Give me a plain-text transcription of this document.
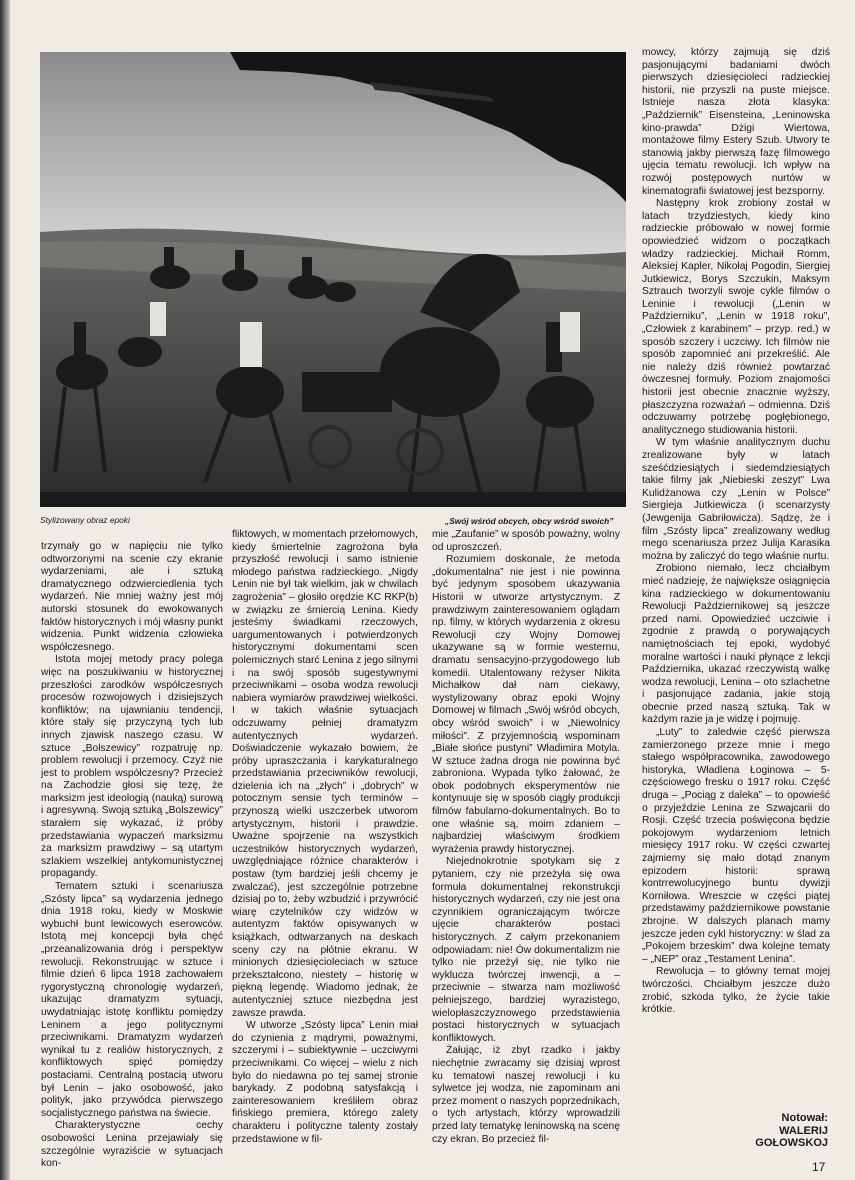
Stylizowany obraz epoki	„Swój wśród obcych, obcy wśród swoich”

trzymały go w napięciu nie tylko odtworzonymi na scenie czy ekranie wydarzeniami, ale i sztuką dramatycznego odzwierciedlenia tych wydarzeń. Nie mniej ważny jest mój autorski stosunek do ewokowanych faktów historycznych i mój własny punkt widzenia. Punkt widzenia człowieka współczesnego.

Istota mojej metody pracy polega więc na poszukiwaniu w historycznej przeszłości zarodków współczesnych procesów rozwojowych i dzisiejszych konfliktów; na ujawnianiu tendencji, które stały się przyczyną tych lub innych zjawisk naszego czasu. W sztuce „Bolszewicy” rozpatruję np. problem rewolucji i przemocy. Czyż nie jest to problem współczesny? Przecież na Zachodzie głosi się tezę, że marksizm jest ideologią (nauką) surową i agresywną. Swoją sztuką „Bolszewicy” starałem się wykazać, iż próby przedstawiania wypaczeń marksizmu za marksizm prawdziwy – są utartym szlakiem wszelkiej antykomunistycznej propagandy.

Tematem sztuki i scenariusza „Szósty lipca” są wydarzenia jednego dnia 1918 roku, kiedy w Moskwie wybuchł bunt lewicowych eserowców. Istotą mej koncepcji była chęć „przeanalizowania dróg i perspektyw rewolucji. Rekonstruując w sztuce i filmie dzień 6 lipca 1918 zachowałem rygorystyczną chronologię wydarzeń, ukazując dramatyzm sytuacji, uwydatniając istotę konfliktu pomiędzy Leninem a jego politycznymi przeciwnikami. Dramatyzm wydarzeń wynikał tu z realiów historycznych, z konfliktowych spięć pomiędzy postaciami. Centralną postacią utworu był Lenin – jako osobowość, jako polityk, jako przywódca pierwszego socjalistycznego państwa na świecie.

Charakterystyczne cechy osobowości Lenina przejawiały się szczególnie wyraziście w sytuacjach kon-

fliktowych, w momentach przełomowych, kiedy śmiertelnie zagrożona była przyszłość rewolucji i samo istnienie młodego państwa radzieckiego. „Nigdy Lenin nie był tak wielkim, jak w chwilach zagrożenia” – głosiło orędzie KC RKP(b) w związku ze śmiercią Lenina. Kiedy jesteśmy świadkami rzeczowych, uargumentowanych i potwierdzonych historycznymi dokumentami scen polemicznych starć Lenina z jego silnymi i na swój sposób sugestywnymi przeciwnikami – osoba wodza rewolucji nabiera wymiarów prawdziwej wielkości. I w takich właśnie sytuacjach odczuwamy pełniej dramatyzm autentycznych wydarzeń. Doświadczenie wykazało bowiem, że próby upraszczania i karykaturalnego przedstawiania przeciwników rewolucji, dzielenia ich na „złych” i „dobrych” w potocznym sensie tych terminów – przynoszą wielki uszczerbek utworom artystycznym, historii i prawdzie. Uważne spojrzenie na wszystkich uczestników historycznych wydarzeń, uwzględniające różnice charakterów i postaw (tym bardziej jeśli chcemy je zwalczać), jest szczególnie potrzebne dzisiaj po to, żeby wzbudzić i przywrócić wiarę czytelników czy widzów w autentyzm faktów opisywanych w książkach, odtwarzanych na deskach sceny czy na płótnie ekranu. W minionych dziesięcioleciach w sztuce przekształcono, niestety – historię w piękną legendę. Wiadomo jednak, że autentyczniej sztuce niezbędna jest zawsze prawda.

W utworze „Szósty lipca” Lenin miał do czynienia z mądrymi, poważnymi, szczerymi i – subiektywnie – uczciwymi przeciwnikami. Co więcej – wielu z nich było do niedawna po tej samej stronie barykady. Z podobną satysfakcją i zainteresowaniem kreśliłem obraz fińskiego premiera, którego zalety charakteru i polityczne talenty zostały przedstawione w fil-

mie „Zaufanie” w sposób poważny, wolny od uproszczeń.

Rozumiem doskonale, że metoda „dokumentalna” nie jest i nie powinna być jedynym sposobem ukazywania Historii w utworze artystycznym. Z prawdziwym zainteresowaniem oglądam np. filmy, w których wydarzenia z okresu Rewolucji czy Wojny Domowej ukazywane są w formie westernu, dramatu sensacyjno-przygodowego lub komedii. Utalentowany reżyser Nikita Michałkow dał nam ciekawy, wystylizowany obraz epoki Wojny Domowej w filmach „Swój wśród obcych, obcy wśród swoich” i w „Niewolnicy miłości”. Z przyjemnością wspominam „Białe słońce pustyni” Władimira Motyla. W sztuce żadna droga nie powinna być zabroniona. Wypada tylko żałować, że obok podobnych eksperymentów nie kontynuuje się w sposób ciągły produkcji filmów fabularno-dokumentalnych. Bo to one właśnie są, moim zdaniem – najbardziej właściwym środkiem wyrażenia prawdy historycznej.

Niejednokrotnie spotykam się z pytaniem, czy nie przeżyła się owa formuła dokumentalnej rekonstrukcji historycznych wydarzeń, czy nie jest ona czynnikiem ograniczającym twórcze ujęcie charakterów postaci historycznych. Z całym przekonaniem odpowiadam: nie! Ów dokumentalizm nie tylko nie przeżył się, nie tylko nie wyklucza twórczej inwencji, a – przeciwnie – stwarza nam możliwość pełniejszego, bardziej wyrazistego, wielopłaszczyznowego przedstawienia postaci historycznych w sytuacjach konfliktowych.

Żałując, iż zbyt rzadko i jakby niechętnie zwracamy się dzisiaj wprost ku tematowi naszej rewolucji i ku sylwetce jej wodza, nie zapominam ani przez moment o naszych poprzednikach, o tych artystach, którzy wprowadzili przed laty tematykę leninowską na scenę czy ekran. Bo przecież fil-

mowcy, którzy zajmują się dziś pasjonującymi badaniami dwóch pierwszych dziesięcioleci radzieckiej historii, nie przyszli na puste miejsce. Istnieje nasza złota klasyka: „Październik” Eisensteina, „Leninowska kino-prawda” Dżigi Wiertowa, montażowe filmy Estery Szub. Utwory te stanowią jakby pierwszą fazę filmowego ujęcia tematu rewolucji. Ich wpływ na rozwój postępowych nurtów w kinematografii światowej jest bezsporny.

Następny krok zrobiony został w latach trzydziestych, kiedy kino radzieckie próbowało w nowej formie opowiedzieć widzom o początkach władzy radzieckiej. Michaił Romm, Aleksiej Kapler, Nikołaj Pogodin, Siergiej Jutkiewicz, Borys Szczukin, Maksym Sztrauch tworzyli swoje cykle filmów o Leninie i rewolucji („Lenin w Październiku”, „Lenin w 1918 roku”, „Człowiek z karabinem” – przyp. red.) w sposób szczery i uczciwy. Ich filmów nie sposób zapomnieć ani przekreślić. Ale nie należy dziś również powtarzać ówczesnej formuły. Poziom znajomości historii jest obecnie znacznie wyższy, płaszczyzna rozważań – odmienna. Dziś odczuwamy potrzebę pogłębionego, analitycznego studiowania historii.

W tym właśnie analitycznym duchu zrealizowane były w latach sześćdziesiątych i siedemdziesiątych takie filmy jak „Niebieski zeszyt” Lwa Kulidżanowa czy „Lenin w Polsce” Siergieja Jutkiewicza (i scenarzysty (Jewgenija Gabriłowicza). Sądzę, że i film „Szósty lipca” zrealizowany według mego scenariusza przez Julija Karasika można by zaliczyć do tego właśnie nurtu.

Zrobiono niemało, lecz chciałbym mieć nadzieję, że największe osiągnięcia kina radzieckiego w dokumentowaniu Rewolucji Październikowej są jeszcze przed nami. Opowiedzieć uczciwie i zgodnie z prawdą o porywających namiętnościach tej epoki, wydobyć moralne wartości i nauki płynące z lekcji Października, ukazać rzeczywistą walkę wodza rewolucji, Lenina – oto szlachetne i pasjonujące zadania, jakie stoją obecnie przed naszą sztuką. Tak w każdym razie ja je widzę i pojmuję.

„Luty” to zaledwie część pierwsza zamierzonego przeze mnie i mego stałego współpracownika, zawodowego historyka, Władlena Łoginowa – 5-częściowego fresku o 1917 roku. Część druga – „Pociąg z daleka” – to opowieść o przyjeździe Lenina ze Szwajcarii do Rosji. Część trzecia poświęcona będzie pokojowym wydarzeniom letnich miesięcy 1917 roku. W części czwartej zajmiemy się mało dotąd znanym epizodem historii: sprawą kontrrewolucyjnego buntu dywizji Korniłowa. Wreszcie w części piątej przedstawimy październikowe powstanie zbrojne. W dalszych planach mamy jeszcze jeden cykl historyczny: w ślad za „Pokojem brzeskim” dwa kolejne tematy – „NEP” oraz „Testament Lenina”.

Rewolucja – to główny temat mojej twórczości. Chciałbym jeszcze dużo zrobić, szkoda tylko, że życie takie krótkie.

Notował:
WALERIJ
GOŁOWSKOJ
17
